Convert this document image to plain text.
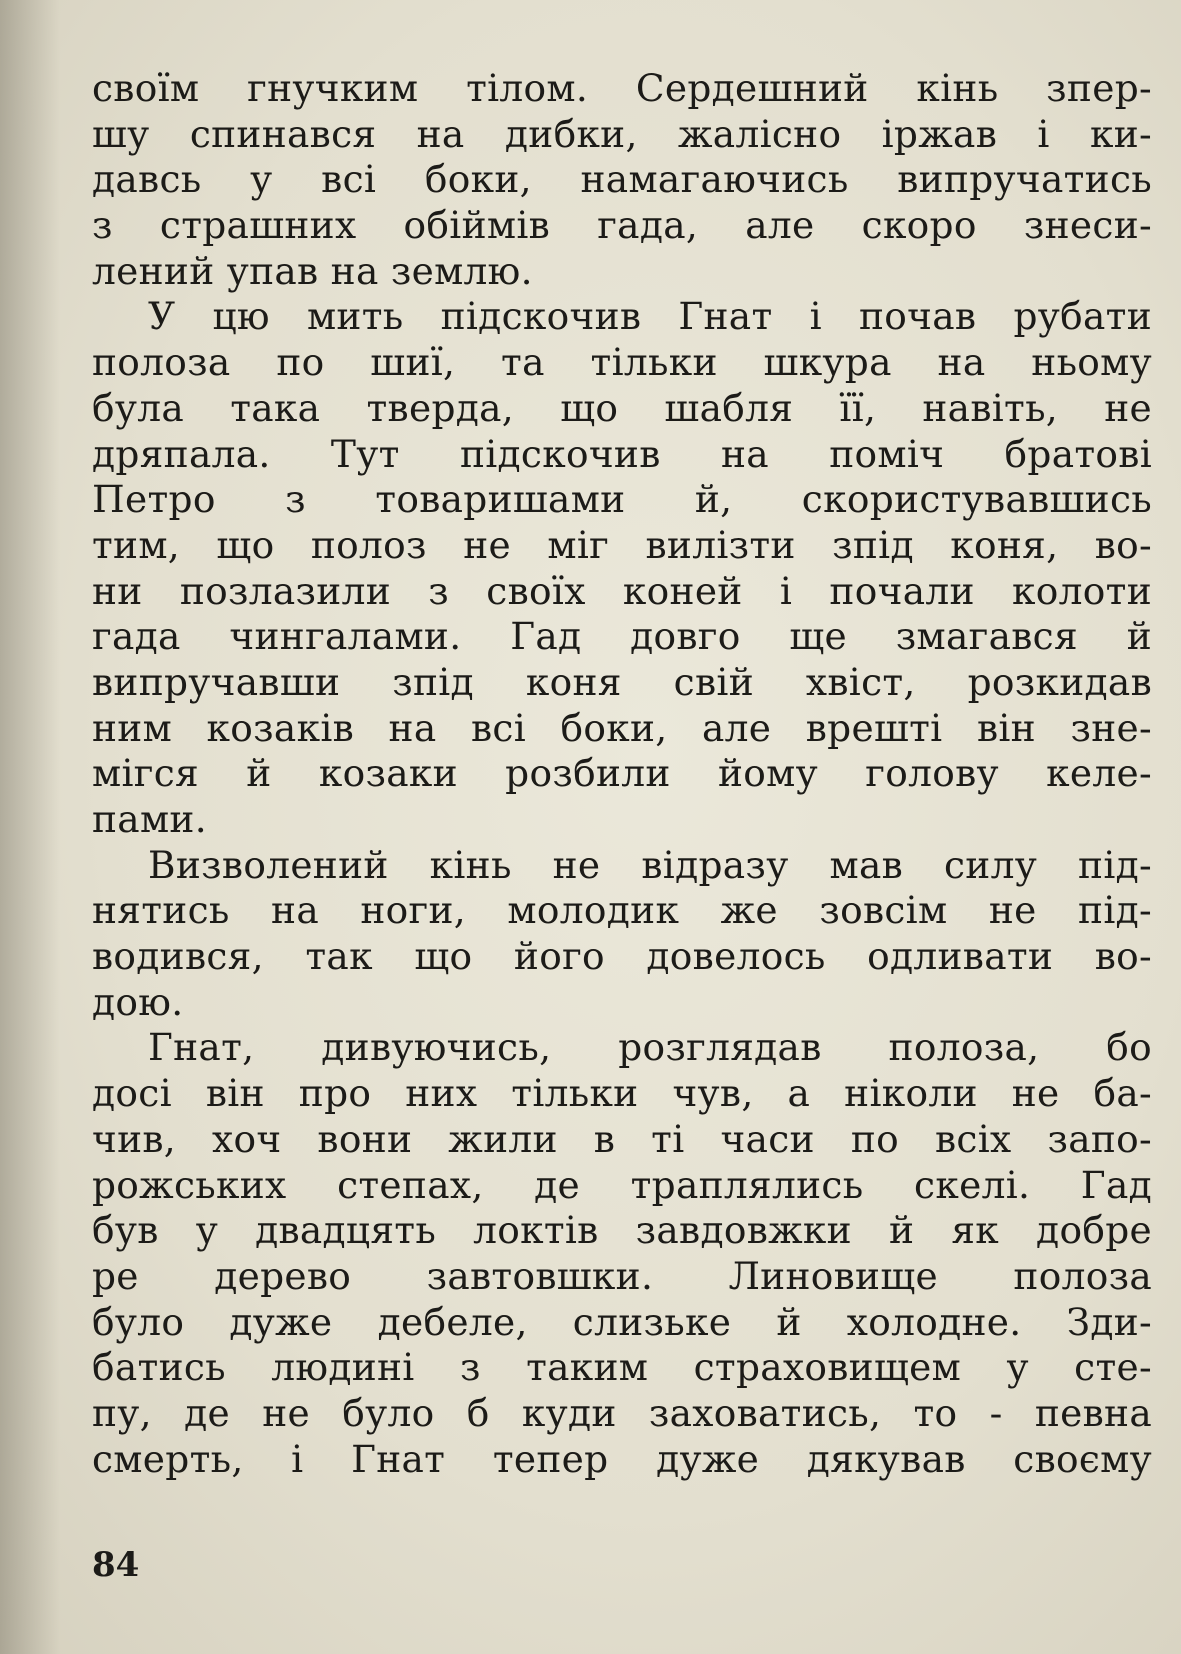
своїм гнучким тілом. Сердешний кінь зпер-
шу спинався на дибки, жалісно іржав і ки-
давсь у всі боки, намагаючись випручатись
з страшних обіймів гада, але скоро знеси-
лений упав на землю.
У цю мить підскочив Гнат і почав рубати
полоза по шиї, та тільки шкура на ньому
була така тверда, що шабля її, навіть, не
дряпала. Тут підскочив на поміч братові
Петро з товаришами й, скористувавшись
тим, що полоз не міг вилізти зпід коня, во-
ни позлазили з своїх коней і почали колоти
гада чингалами. Гад довго ще змагався й
випручавши зпід коня свій хвіст, розкидав
ним козаків на всі боки, але врешті він зне-
мігся й козаки розбили йому голову келе-
пами.
Визволений кінь не відразу мав силу під-
нятись на ноги, молодик же зовсім не під-
водився, так що його довелось одливати во-
дою.
Гнат, дивуючись, розглядав полоза, бо
досі він про них тільки чув, а ніколи не ба-
чив, хоч вони жили в ті часи по всіх запо-
рожських степах, де траплялись скелі. Гад
був у двадцять локтів завдовжки й як добре
ре дерево завтовшки. Линовище полоза
було дуже дебеле, слизьке й холодне. Зди-
батись людині з таким страховищем у сте-
пу, де не було б куди заховатись, то - певна
смерть, і Гнат тепер дуже дякував своєму
84
